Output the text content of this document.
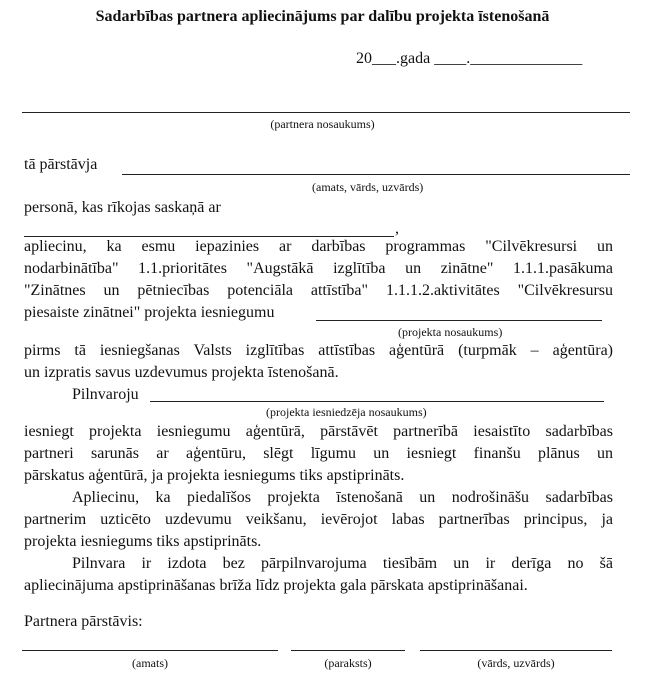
Sadarbības partnera apliecinājums par dalību projekta īstenošanā
20___.gada ____.______________
(partnera nosaukums)
tā pārstāvja
(amats, vārds, uzvārds)
personā, kas rīkojas saskaņā ar
,
apliecinu, ka esmu iepazinies ar darbības programmas "Cilvēkresursi un
nodarbinātība" 1.1.prioritātes "Augstākā izglītība un zinātne" 1.1.1.pasākuma
"Zinātnes un pētniecības potenciāla attīstība" 1.1.1.2.aktivitātes "Cilvēkresursu
piesaiste zinātnei" projekta iesniegumu
(projekta nosaukums)
pirms tā iesniegšanas Valsts izglītības attīstības aģentūrā (turpmāk – aģentūra)
un izpratis savus uzdevumus projekta īstenošanā.
Pilnvaroju
(projekta iesniedzēja nosaukums)
iesniegt projekta iesniegumu aģentūrā, pārstāvēt partnerībā iesaistīto sadarbības
partneri sarunās ar aģentūru, slēgt līgumu un iesniegt finanšu plānus un
pārskatus aģentūrā, ja projekta iesniegums tiks apstiprināts.
Apliecinu, ka piedalīšos projekta īstenošanā un nodrošināšu sadarbības
partnerim uzticēto uzdevumu veikšanu, ievērojot labas partnerības principus, ja
projekta iesniegums tiks apstiprināts.
Pilnvara ir izdota bez pārpilnvarojuma tiesībām un ir derīga no šā
apliecinājuma apstiprināšanas brīža līdz projekta gala pārskata apstiprināšanai.
Partnera pārstāvis:
(amats)	(paraksts)	(vārds, uzvārds)
